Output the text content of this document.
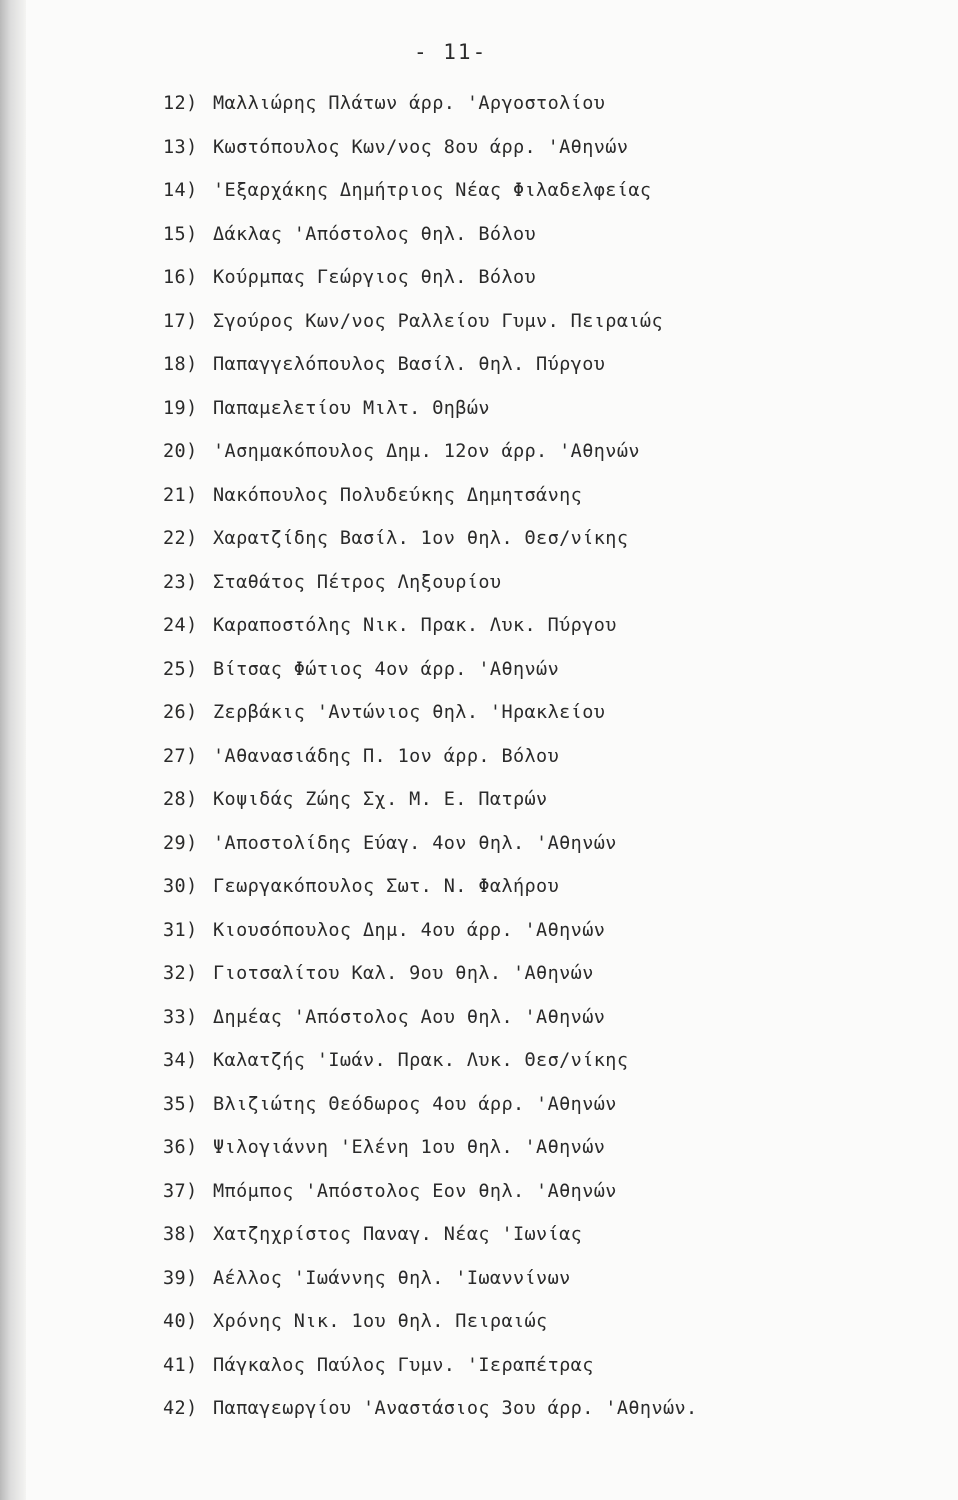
- 11-
12) Μαλλιώρης Πλάτων άρρ. 'Αργοστολίου
13) Κωστόπουλος Κων/νος 8ου άρρ. 'Αθηνών
14) 'Εξαρχάκης Δημήτριος Νέας Φιλαδελφείας
15) Δάκλας 'Απόστολος θηλ. Βόλου
16) Κούρμπας Γεώργιος θηλ. Βόλου
17) Σγούρος Κων/νος Ραλλείου Γυμν. Πειραιώς
18) Παπαγγελόπουλος Βασίλ. θηλ. Πύργου
19) Παπαμελετίου Μιλτ. Θηβών
20) 'Ασημακόπουλος Δημ. 12ον άρρ. 'Αθηνών
21) Νακόπουλος Πολυδεύκης Δημητσάνης
22) Χαρατζίδης Βασίλ. 1ον θηλ. Θεσ/νίκης
23) Σταθάτος Πέτρος Ληξουρίου
24) Καραποστόλης Νικ. Πρακ. Λυκ. Πύργου
25) Βίτσας Φώτιος 4ον άρρ. 'Αθηνών
26) Ζερβάκις 'Αντώνιος θηλ. 'Ηρακλείου
27) 'Αθανασιάδης Π. 1ον άρρ. Βόλου
28) Κοψιδάς Ζώης Σχ. Μ. Ε. Πατρών
29) 'Αποστολίδης Εύαγ. 4ον θηλ. 'Αθηνών
30) Γεωργακόπουλος Σωτ. Ν. Φαλήρου
31) Κιουσόπουλος Δημ. 4ου άρρ. 'Αθηνών
32) Γιοτσαλίτου Καλ. 9ου θηλ. 'Αθηνών
33) Δημέας 'Απόστολος Αου θηλ. 'Αθηνών
34) Καλατζής 'Ιωάν. Πρακ. Λυκ. Θεσ/νίκης
35) Βλιζιώτης Θεόδωρος 4ου άρρ. 'Αθηνών
36) Ψιλογιάννη 'Ελένη 1ου θηλ. 'Αθηνών
37) Μπόμπος 'Απόστολος Εον θηλ. 'Αθηνών
38) Χατζηχρίστος Παναγ. Νέας 'Ιωνίας
39) Αέλλος 'Ιωάννης θηλ. 'Ιωαννίνων
40) Χρόνης Νικ. 1ου θηλ. Πειραιώς
41) Πάγκαλος Παύλος Γυμν. 'Ιεραπέτρας
42) Παπαγεωργίου 'Αναστάσιος 3ου άρρ. 'Αθηνών.
